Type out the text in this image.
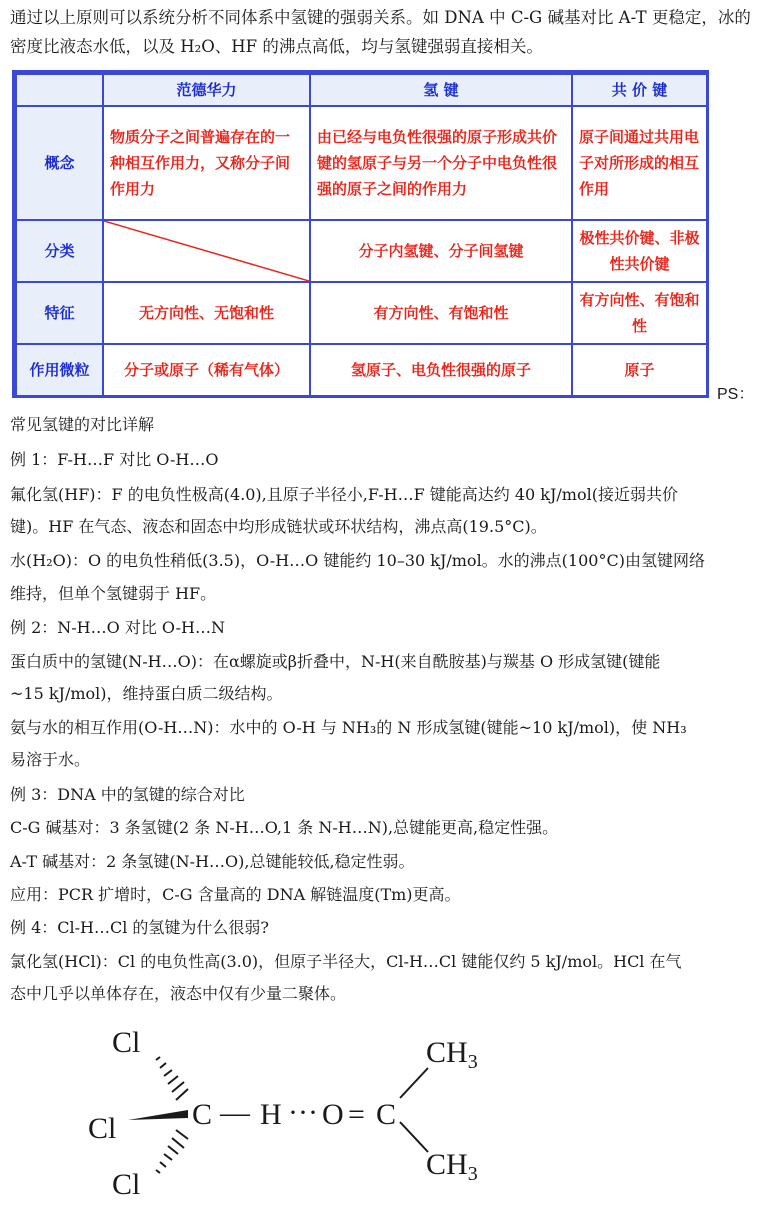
通过以上原则可以系统分析不同体系中氢键的强弱关系。如 DNA 中 C-G 碱基对比 A-T 更稳定，冰的密度比液态水低，以及 H₂O、HF 的沸点高低，均与氢键强弱直接相关。
	范德华力	氢 键	共 价 键
概念	物质分子之间普遍存在的一种相互作用力，又称分子间作用力	由已经与电负性很强的原子形成共价键的氢原子与另一个分子中电负性很强的原子之间的作用力	原子间通过共用电子对所形成的相互作用
分类		分子内氢键、分子间氢键	极性共价键、非极性共价键
特征	无方向性、无饱和性	有方向性、有饱和性	有方向性、有饱和性
作用微粒	分子或原子（稀有气体）	氢原子、电负性很强的原子	原子
PS：
常见氢键的对比详解
例 1：F-H…F 对比 O-H…O
氟化氢(HF)：F 的电负性极高(4.0),且原子半径小,F-H…F 键能高达约 40 kJ/mol(接近弱共价
键)。HF 在气态、液态和固态中均形成链状或环状结构，沸点高(19.5°C)。
水(H₂O)：O 的电负性稍低(3.5)，O-H…O 键能约 10–30 kJ/mol。水的沸点(100°C)由氢键网络
维持，但单个氢键弱于 HF。
例 2：N-H…O 对比 O-H…N
蛋白质中的氢键(N-H…O)：在α螺旋或β折叠中，N-H(来自酰胺基)与羰基 O 形成氢键(键能
~15 kJ/mol)，维持蛋白质二级结构。
氨与水的相互作用(O-H…N)：水中的 O-H 与 NH₃的 N 形成氢键(键能~10 kJ/mol)，使 NH₃
易溶于水。
例 3：DNA 中的氢键的综合对比
C-G 碱基对：3 条氢键(2 条 N-H…O,1 条 N-H…N),总键能更高,稳定性强。
A-T 碱基对：2 条氢键(N-H…O),总键能较低,稳定性弱。
应用：PCR 扩增时，C-G 含量高的 DNA 解链温度(Tm)更高。
例 4：Cl-H…Cl 的氢键为什么很弱?
氯化氢(HCl)：Cl 的电负性高(3.0)，但原子半径大，Cl-H…Cl 键能仅约 5 kJ/mol。HCl 在气
态中几乎以单体存在，液态中仅有少量二聚体。
Cl
Cl
Cl
C — H ··· O = C
$CH_3$
$CH_3$
